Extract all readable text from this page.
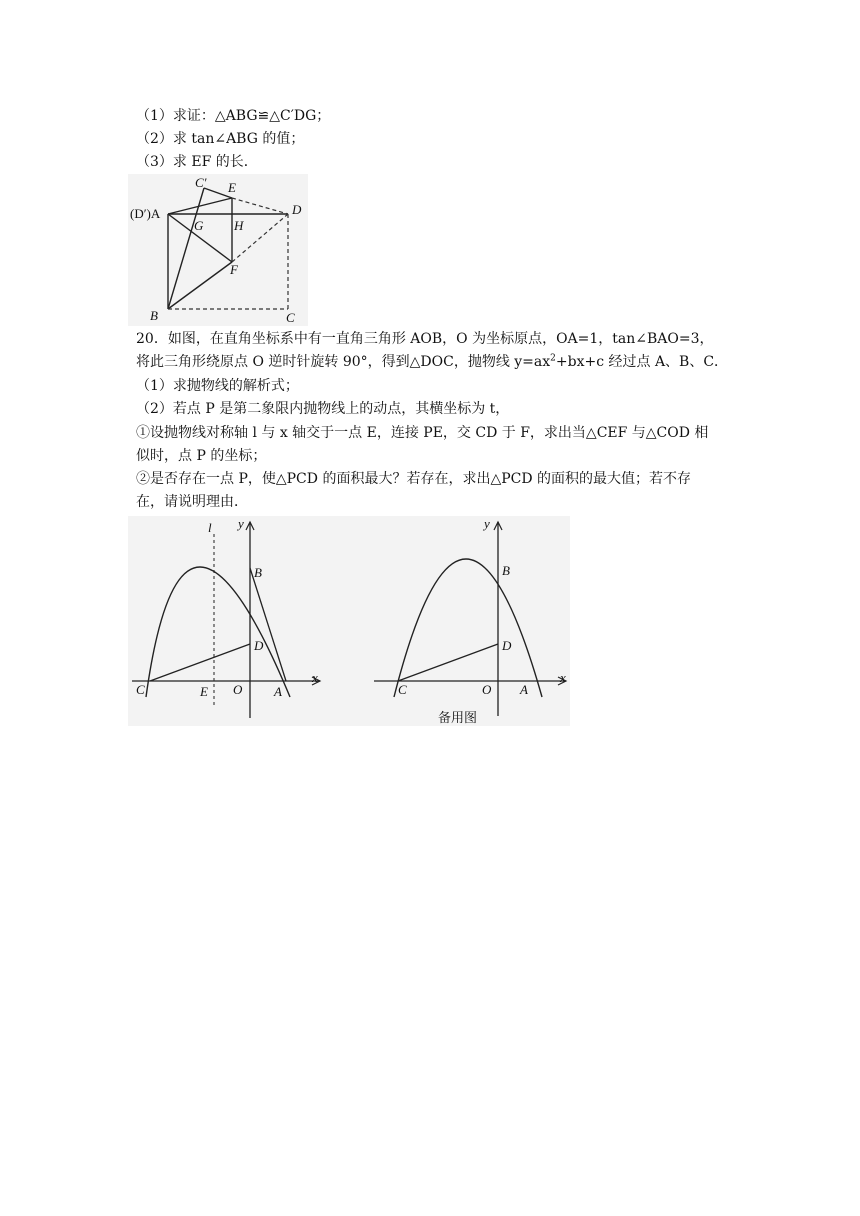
（1）求证：△ABG≌△C′DG；
（2）求 tan∠ABG 的值；
（3）求 EF 的长．
C′ E
(D′)A
G H
D
F
B	C
20．如图，在直角坐标系中有一直角三角形 AOB，O 为坐标原点，OA=1，tan∠BAO=3，
将此三角形绕原点 O 逆时针旋转 90°，得到△DOC，抛物线 $y=ax^2+bx+c$ 经过点 A、B、C．
（1）求抛物线的解析式；
（2）若点 P 是第二象限内抛物线上的动点，其横坐标为 t，
①设抛物线对称轴 l 与 x 轴交于一点 E，连接 PE，交 CD 于 F，求出当△CEF 与△COD 相
似时，点 P 的坐标；
②是否存在一点 P，使△PCD 的面积最大？若存在，求出△PCD 的面积的最大值；若不存
在，请说明理由．
l y
B
D
C	E O A
x
y
B
D
C	O A
x
备用图
